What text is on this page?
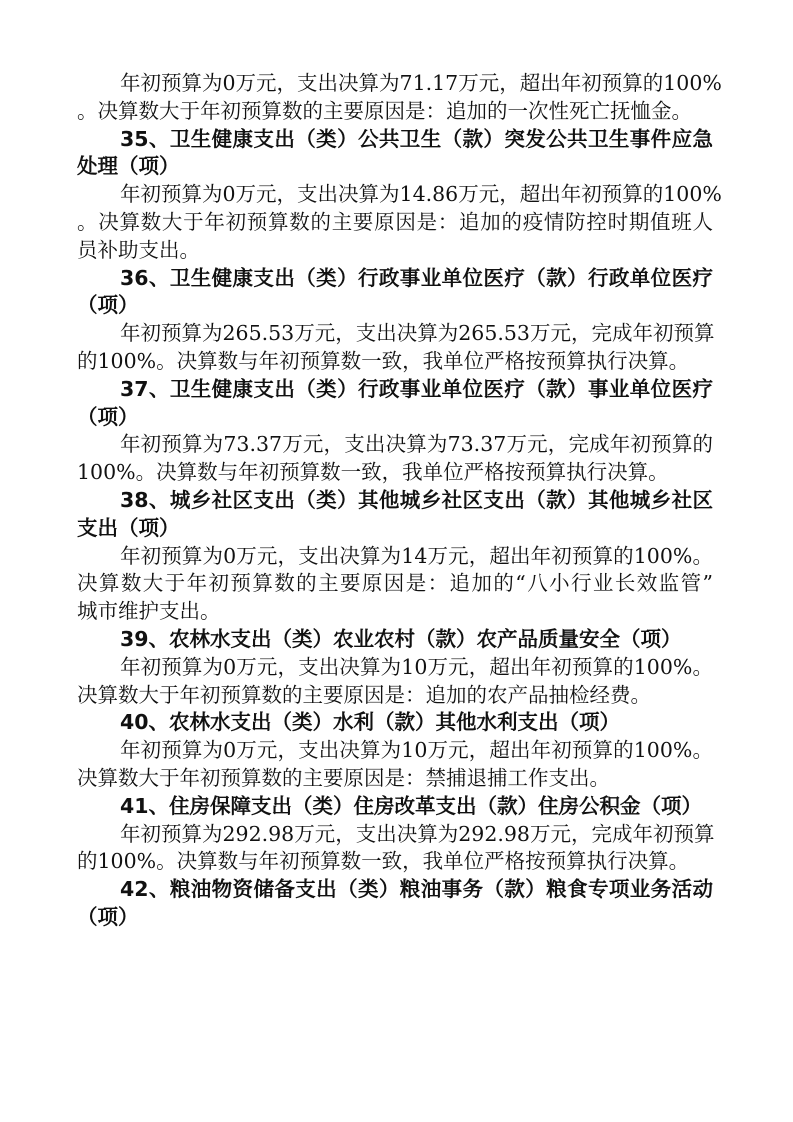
年初预算为0万元，支出决算为71.17万元，超出年初预算的100%
。决算数大于年初预算数的主要原因是：追加的一次性死亡抚恤金。
35、卫生健康支出（类）公共卫生（款）突发公共卫生事件应急
处理（项）
年初预算为0万元，支出决算为14.86万元，超出年初预算的100%
。决算数大于年初预算数的主要原因是：追加的疫情防控时期值班人
员补助支出。
36、卫生健康支出（类）行政事业单位医疗（款）行政单位医疗
（项）
年初预算为265.53万元，支出决算为265.53万元，完成年初预算
的100%。决算数与年初预算数一致，我单位严格按预算执行决算。
37、卫生健康支出（类）行政事业单位医疗（款）事业单位医疗
（项）
年初预算为73.37万元，支出决算为73.37万元，完成年初预算的
100%。决算数与年初预算数一致，我单位严格按预算执行决算。
38、城乡社区支出（类）其他城乡社区支出（款）其他城乡社区
支出（项）
年初预算为0万元，支出决算为14万元，超出年初预算的100%。
决算数大于年初预算数的主要原因是：追加的“八小行业长效监管”
城市维护支出。
39、农林水支出（类）农业农村（款）农产品质量安全（项）
年初预算为0万元，支出决算为10万元，超出年初预算的100%。
决算数大于年初预算数的主要原因是：追加的农产品抽检经费。
40、农林水支出（类）水利（款）其他水利支出（项）
年初预算为0万元，支出决算为10万元，超出年初预算的100%。
决算数大于年初预算数的主要原因是：禁捕退捕工作支出。
41、住房保障支出（类）住房改革支出（款）住房公积金（项）
年初预算为292.98万元，支出决算为292.98万元，完成年初预算
的100%。决算数与年初预算数一致，我单位严格按预算执行决算。
42、粮油物资储备支出（类）粮油事务（款）粮食专项业务活动
（项）
